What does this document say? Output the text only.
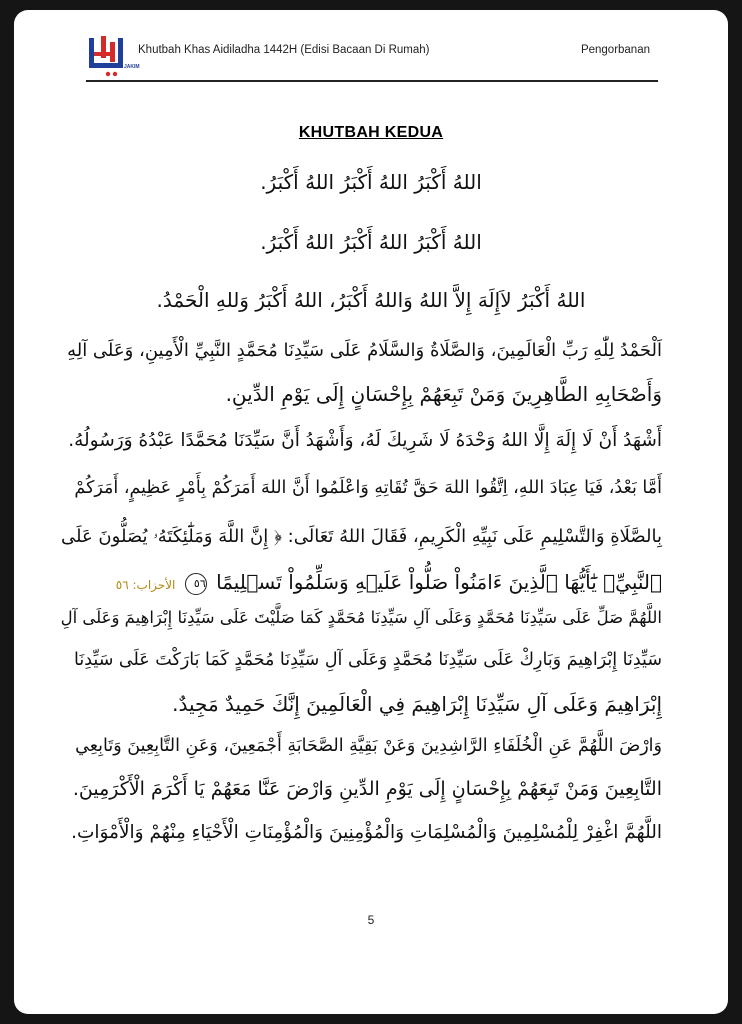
JAKIM
Khutbah Khas Aidiladha 1442H (Edisi Bacaan Di Rumah)	Pengorbanan
KHUTBAH KEDUA
اللهُ أَكْبَرُ اللهُ أَكْبَرُ اللهُ أَكْبَرُ.
اللهُ أَكْبَرُ اللهُ أَكْبَرُ اللهُ أَكْبَرُ.
اللهُ أَكْبَرُ لاَإِلَهَ إِلاَّ اللهُ وَاللهُ أَكْبَرُ، اللهُ أَكْبَرُ وَللهِ الْحَمْدُ.
اَلْحَمْدُ لِلّٰهِ رَبِّ الْعَالَمِينَ، وَالصَّلَاةُ وَالسَّلَامُ عَلَى سَيِّدِنَا مُحَمَّدٍ النَّبِيِّ الْأَمِينِ، وَعَلَى آلِهِ
وَأَصْحَابِهِ الطَّاهِرِينَ وَمَنْ تَبِعَهُمْ بِإِحْسَانٍ إِلَى يَوْمِ الدِّينِ.
أَشْهَدُ أَنْ لَا إِلَهَ إِلَّا اللهُ وَحْدَهُ لَا شَرِيكَ لَهُ، وَأَشْهَدُ أَنَّ سَيِّدَنَا مُحَمَّدًا عَبْدُهُ وَرَسُولُهُ.
أَمَّا بَعْدُ، فَيَا عِبَادَ اللهِ، اِتَّقُوا اللهَ حَقَّ تُقَاتِهِ وَاعْلَمُوا أَنَّ اللهَ أَمَرَكُمْ بِأَمْرٍ عَظِيمٍ، أَمَرَكُمْ
بِالصَّلَاةِ وَالتَّسْلِيمِ عَلَى نَبِيِّهِ الْكَرِيمِ، فَقَالَ اللهُ تَعَالَى: ﴿ إِنَّ اللَّهَ وَمَلَٰٓئِكَتَهُۥ يُصَلُّونَ عَلَى
ٱلنَّبِيِّۚ يَٰٓأَيُّهَا ٱلَّذِينَ ءَامَنُواْ صَلُّواْ عَلَيۡهِ وَسَلِّمُواْ تَسۡلِيمًا ٥٦ الأحزاب: ٥٦
اللَّهُمَّ صَلِّ عَلَى سَيِّدِنَا مُحَمَّدٍ وَعَلَى آلِ سَيِّدِنَا مُحَمَّدٍ كَمَا صَلَّيْتَ عَلَى سَيِّدِنَا إِبْرَاهِيمَ وَعَلَى آلِ
سَيِّدِنَا إِبْرَاهِيمَ وَبَارِكْ عَلَى سَيِّدِنَا مُحَمَّدٍ وَعَلَى آلِ سَيِّدِنَا مُحَمَّدٍ كَمَا بَارَكْتَ عَلَى سَيِّدِنَا
إِبْرَاهِيمَ وَعَلَى آلِ سَيِّدِنَا إِبْرَاهِيمَ فِي الْعَالَمِينَ إِنَّكَ حَمِيدٌ مَجِيدٌ.
وَارْضَ اللَّهُمَّ عَنِ الْخُلَفَاءِ الرَّاشِدِينَ وَعَنْ بَقِيَّةِ الصَّحَابَةِ أَجْمَعِينَ، وَعَنِ التَّابِعِينَ وَتَابِعِي
التَّابِعِينَ وَمَنْ تَبِعَهُمْ بِإِحْسَانٍ إِلَى يَوْمِ الدِّينِ وَارْضَ عَنَّا مَعَهُمْ يَا أَكْرَمَ الْأَكْرَمِينَ.
اللَّهُمَّ اغْفِرْ لِلْمُسْلِمِينَ وَالْمُسْلِمَاتِ وَالْمُؤْمِنِينَ وَالْمُؤْمِنَاتِ الْأَحْيَاءِ مِنْهُمْ وَالْأَمْوَاتِ.
5
